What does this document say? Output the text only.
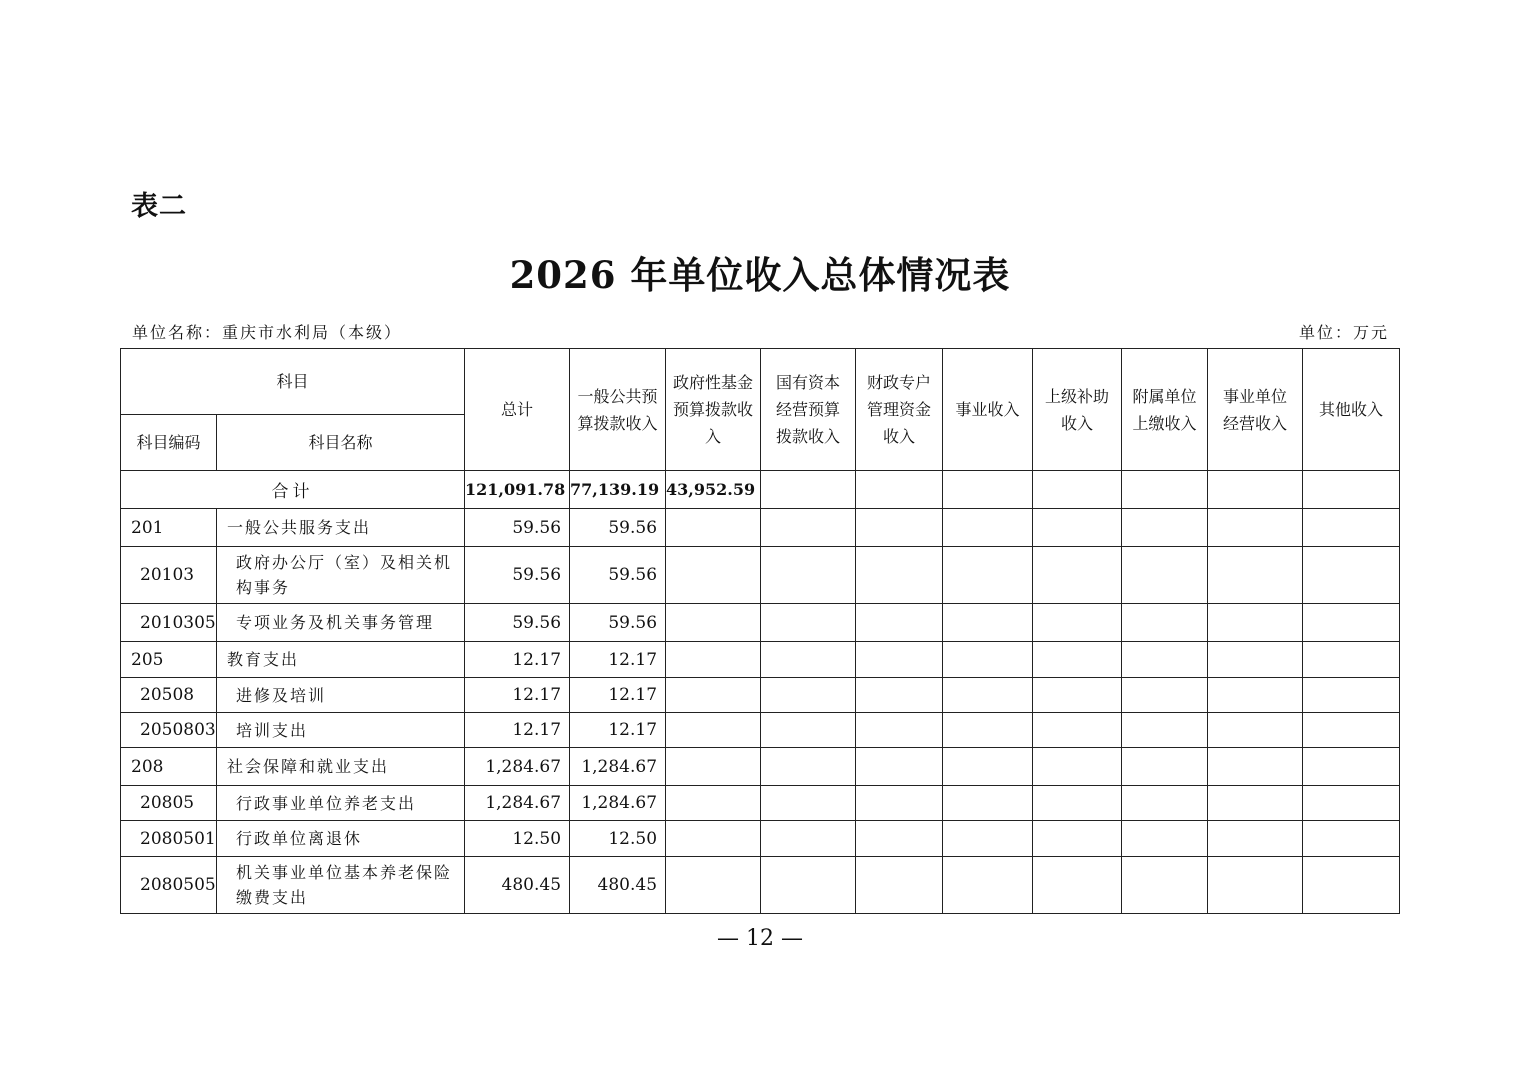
表二
2026 年单位收入总体情况表
单位名称：重庆市水利局（本级）	单位：万元
科目		总计	一般公共预算拨款收入	政府性基金预算拨款收入	国有资本经营预算拨款收入	财政专户管理资金收入	事业收入	上级补助收入	附属单位上缴收入	事业单位经营收入	其他收入
科目编码	科目名称										
合计		121,091.78	77,139.19	43,952.59							
201	一般公共服务支出	59.56	59.56								
20103	政府办公厅（室）及相关机构事务	59.56	59.56								
2010305	专项业务及机关事务管理	59.56	59.56								
205	教育支出	12.17	12.17								
20508	进修及培训	12.17	12.17								
2050803	培训支出	12.17	12.17								
208	社会保障和就业支出	1,284.67	1,284.67								
20805	行政事业单位养老支出	1,284.67	1,284.67								
2080501	行政单位离退休	12.50	12.50								
2080505	机关事业单位基本养老保险缴费支出	480.45	480.45								
— 12 —
